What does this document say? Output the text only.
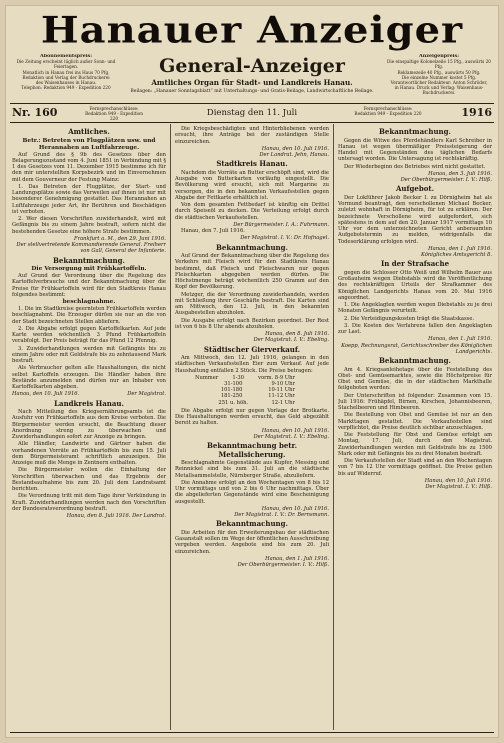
Hanauer Anzeiger
Abonnementspreis:
Die Zeitung erscheint täglich außer Sonn- und Feiertagen.
Monatlich in Hanau frei ins Haus 70 Pfg.
Redaktion und Verlag der Buchdruckerei
des Waisenhauses in Hanau.
Telephon: Redaktion 949 - Expedition 220
General-Anzeiger
Amtliches Organ für Stadt- und Landkreis Hanau.
Beilagen: „Hanauer Sonntagsblatt“ mit Unterhaltungs- und Gratis-Beilage, Landwirtschaftliche Beilage.
Anzeigenpreis:
Die einspaltige Kolonelzeile 15 Pfg., auswärts 20 Pfg.
Reklamezeile 40 Pfg., auswärts 50 Pfg.
Die einzelne Nummer kostet 5 Pfg.
Verantwortlicher Redakteur: Anton Schröder,
in Hanau. Druck und Verlag: Waisenhaus-Buchdruckerei.
Nr. 160	Fernsprechanschlüsse:
Redaktion 949 - Expedition 220
Dienstag den 11. Juli	Fernsprechanschlüsse:
Redaktion 949 - Expedition 220	1916
Amtliches.
Betr.: Betreten von Flugplätzen usw. und Herannahen an Luftfahrzeuge.

Auf Grund des § 9b des Gesetzes über den Belagerungszustand vom 4. Juni 1851 in Verbindung mit § 1 des Gesetzes vom 11. Dezember 1915 bestimme ich für den mir unterstellten Korpsbezirk und im Einvernehmen mit dem Gouverneur der Festung Mainz:

1. Das Betreten der Flugplätze, der Start- und Landungsplätze sowie das Verweilen auf ihnen ist nur mit besonderer Genehmigung gestattet. Das Herannahen an Luftfahrzeuge jeder Art, ihr Berühren und Beschädigen ist verboten.

2. Wer diesen Vorschriften zuwiderhandelt, wird mit Gefängnis bis zu einem Jahre bestraft, sofern nicht die bestehenden Gesetze eine höhere Strafe bestimmen.

Frankfurt a. M., den 29. Juni 1916.
Der stellvertretende Kommandierende General. Freiherr von Gall, General der Infanterie.
Bekanntmachung.
Die Versorgung mit Frühkartoffeln.

Auf Grund der Verordnung über die Regelung des Kartoffelverbrauchs und der Bekanntmachung über die Preise für Frühkartoffeln wird für den Stadtkreis Hanau folgendes bestimmt:

beschlagnahme.

1. Die im Stadtkreise geernteten Frühkartoffeln werden beschlagnahmt. Die Erzeuger dürfen sie nur an die von der Stadt bezeichneten Stellen abliefern.

2. Die Abgabe erfolgt gegen Kartoffelkarten. Auf jede Karte werden wöchentlich 3 Pfund Frühkartoffeln verabfolgt. Der Preis beträgt für das Pfund 12 Pfennig.

3. Zuwiderhandlungen werden mit Gefängnis bis zu einem Jahre oder mit Geldstrafe bis zu zehntausend Mark bestraft.

Als Verbraucher gelten alle Haushaltungen, die nicht selbst Kartoffeln erzeugen. Die Händler haben ihre Bestände anzumelden und dürfen nur an Inhaber von Kartoffelkarten abgeben.

Hanau, den 10. Juli 1916.	Der Magistrat.
Landkreis Hanau.

Nach Mitteilung des Kriegsernährungsamts ist die Ausfuhr von Frühkartoffeln aus dem Kreise verboten. Die Bürgermeister werden ersucht, die Beachtung dieser Anordnung streng zu überwachen und Zuwiderhandlungen sofort zur Anzeige zu bringen.

Alle Händler, Landwirte und Gärtner haben die vorhandenen Vorräte an Frühkartoffeln bis zum 15. Juli dem Bürgermeisteramt schriftlich anzuzeigen. Die Anzeige muß die Menge in Zentnern enthalten.

Die Bürgermeister wollen die Einhaltung der Vorschriften überwachen und das Ergebnis der Bestandsaufnahme bis zum 20. Juli dem Landratsamt berichten.

Die Verordnung tritt mit dem Tage ihrer Verkündung in Kraft. Zuwiderhandlungen werden nach den Vorschriften der Bundesratsverordnung bestraft.

Hanau, den 8. Juli 1916. Der Landrat.

Die Kriegsbeschädigten und Hinterbliebenen werden ersucht, ihre Anträge bei der zuständigen Stelle einzureichen.

Hanau, den 10. Juli 1916.
Der Landrat. Jehn, Hanau.
Stadtkreis Hanau.

Nachdem die Vorräte an Butter erschöpft sind, wird die Ausgabe von Butterkarten vorläufig eingestellt. Die Bevölkerung wird ersucht, sich mit Margarine zu versorgen, die in den bekannten Verkaufsstellen gegen Abgabe der Fettkarte erhältlich ist.

Von dem gesamten Fettbedarf ist künftig ein Drittel durch Speiseöl zu decken. Die Verteilung erfolgt durch die städtischen Verkaufsstellen.

Der Bürgermeister. I. A.: Fuhrmann.

Hanau, den 7. Juli 1916.

Der Magistrat. I. V.: Dr. Hofnagel.
Bekanntmachung.

Auf Grund der Bekanntmachung über die Regelung des Verkehrs mit Fleisch wird für den Stadtkreis Hanau bestimmt, daß Fleisch und Fleischwaren nur gegen Fleischkarten abgegeben werden dürfen. Die Höchstmenge beträgt wöchentlich 250 Gramm auf den Kopf der Bevölkerung.

Metzger, die der Verordnung zuwiderhandeln, werden mit Schließung ihrer Geschäfte bestraft. Die Karten sind am Mittwoch, den 12. Juli, in den bekannten Ausgabestellen abzuholen.

Die Ausgabe erfolgt nach Bezirken geordnet. Der Rest ist von 6 bis 8 Uhr abends abzuholen.

Hanau, den 8. Juli 1916.
Der Magistrat. I. V.: Ebeling.
Städtischer Gierverkauf.

Am Mittwoch, den 12. Juli 1916, gelangen in den städtischen Verkaufsstellen Eier zum Verkauf. Auf jede Haushaltung entfallen 2 Stück. Die Preise betragen:

Nummer	1-30	vorm. 8-9 Uhr
31-100	9-10 Uhr
101-180	10-11 Uhr
181-250	11-12 Uhr
251 u. höh.	12-1 Uhr

Die Abgabe erfolgt nur gegen Vorlage der Brotkarte. Die Haushaltungen werden ersucht, das Geld abgezählt bereit zu halten.

Hanau, den 10. Juli 1916.
Der Magistrat. I. V.: Ebeling.
Bekanntmachung betr. Metallsicherung.

Beschlagnahmte Gegenstände aus Kupfer, Messing und Reinnickel sind bis zum 31. Juli an die städtische Metallsammelstelle, Nürnberger Straße, abzuliefern.

Die Annahme erfolgt an den Wochentagen von 8 bis 12 Uhr vormittags und von 2 bis 6 Uhr nachmittags. Über die abgelieferten Gegenstände wird eine Bescheinigung ausgestellt.

Hanau, den 10. Juli 1916.
Der Magistrat. I. V.: Dr. Bernsmann.
Bekanntmachung.

Die Arbeiten für den Erweiterungsbau der städtischen Gasanstalt sollen im Wege der öffentlichen Ausschreibung vergeben werden. Angebote sind bis zum 20. Juli einzureichen.

Hanau, den 1. Juli 1916.
Der Oberbürgermeister. I. V.: Hilß.
Bekanntmachung.

Gegen die Witwe des Pferdehändlers Karl Schreiber in Hanau ist wegen übermäßiger Preissteigerung der Handel mit Gegenständen des täglichen Bedarfs untersagt worden. Die Untersagung ist rechtskräftig.

Der Wiederbeginn des Betriebes wird nicht gestattet.

Hanau, den 3. Juli 1916.
Der Oberbürgermeister. I. V.: Hilß.
Aufgebot.

Der Lokführer Jakob Becker I. zu Dörnigheim hat als Vormund beantragt, den verschollenen Michael Becker, zuletzt wohnhaft in Dörnigheim, für tot zu erklären. Der bezeichnete Verschollene wird aufgefordert, sich spätestens in dem auf den 20. Januar 1917 vormittags 10 Uhr vor dem unterzeichneten Gericht anberaumten Aufgebotstermin zu melden, widrigenfalls die Todeserklärung erfolgen wird.

Hanau, den 1. Juli 1916.
Königliches Amtsgericht 8.
In der Strafsache

gegen die Schlosser Otto Weiß und Wilhelm Bauer aus Großauheim wegen Diebstahls wird die Veröffentlichung des rechtskräftigen Urteils der Strafkammer des Königlichen Landgerichts Hanau vom 20. Mai 1916 angeordnet.

1. Die Angeklagten werden wegen Diebstahls zu je drei Monaten Gefängnis verurteilt.

2. Die Verteidigungskosten trägt die Staatskasse.

3. Die Kosten des Verfahrens fallen den Angeklagten zur Last.

Hanau, den 1. Juli 1916.
Koepp, Rechnungsrat, Gerichtsschreiber des Königlichen Landgerichts.
Bekanntmachung.

Am 4. Kriegsanleihetage über die Feststellung des Obst- und Gemüsemarktes, sowie die Höchstpreise für Obst und Gemüse, die in der städtischen Markthalle feilgeboten werden:

Der Unterschriften ist folgender: Zusammen vom 15. Juli 1916: Frühäpfel, Birnen, Kirschen, Johannisbeeren, Stachelbeeren und Himbeeren.

Die Bestellung von Obst und Gemüse ist nur an den Markttagen gestattet. Die Verkaufsstellen sind verpflichtet, die Preise deutlich sichtbar anzuschlagen.

Die Feststellung für Obst und Gemüse erfolgt am Montag, 17. Juli, durch den Magistrat. Zuwiderhandlungen werden mit Geldstrafe bis zu 1500 Mark oder mit Gefängnis bis zu drei Monaten bestraft.

Die Verkaufsstellen der Stadt sind an den Wochentagen von 7 bis 12 Uhr vormittags geöffnet. Die Preise gelten bis auf Widerruf.

Hanau, den 10. Juli 1916.
Der Magistrat. I. V.: Hilß.
